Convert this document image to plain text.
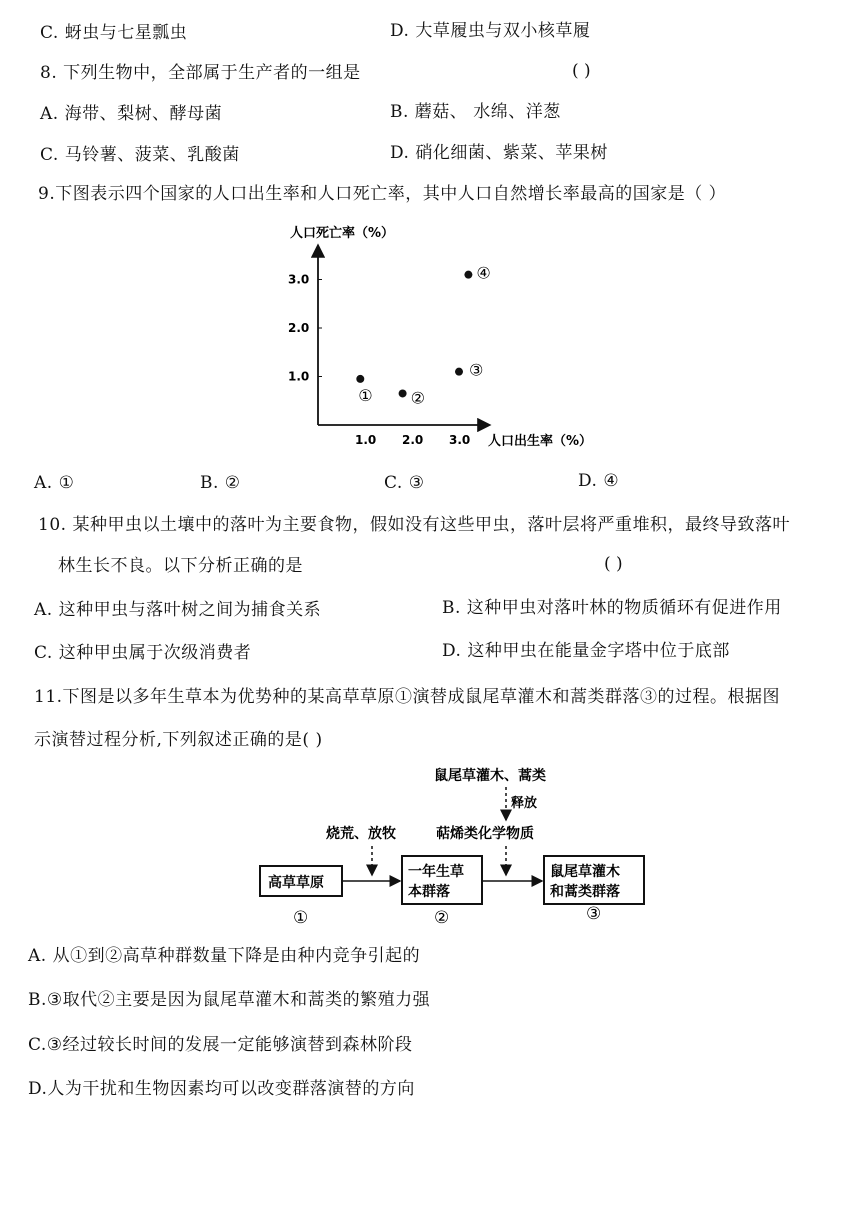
C. 蚜虫与七星瓢虫	D. 大草履虫与双小核草履
8. 下列生物中，全部属于生产者的一组是	( )
A. 海带、梨树、酵母菌	B. 蘑菇、 水绵、洋葱
C. 马铃薯、菠菜、乳酸菌	D. 硝化细菌、紫菜、苹果树
9.下图表示四个国家的人口出生率和人口死亡率，其中人口自然增长率最高的国家是（ ）
1.0 2.0 3.0
1.0
2.0
3.0
① ②
③
④
人口死亡率（%）
人口出生率（%）
A. ①	B. ②	C. ③	D. ④
10. 某种甲虫以土壤中的落叶为主要食物，假如没有这些甲虫，落叶层将严重堆积，最终导致落叶
林生长不良。以下分析正确的是	( )
A. 这种甲虫与落叶树之间为捕食关系	B. 这种甲虫对落叶林的物质循环有促进作用
C. 这种甲虫属于次级消费者	D. 这种甲虫在能量金字塔中位于底部
11.下图是以多年生草本为优势种的某高草草原①演替成鼠尾草灌木和蒿类群落③的过程。根据图
示演替过程分析,下列叙述正确的是( )
鼠尾草灌木、蒿类
释放
烧荒、放牧	萜烯类化学物质
高草草原
一年生草
本群落
鼠尾草灌木
和蒿类群落
①	②	③
A. 从①到②高草种群数量下降是由种内竞争引起的
B.③取代②主要是因为鼠尾草灌木和蒿类的繁殖力强
C.③经过较长时间的发展一定能够演替到森林阶段
D.人为干扰和生物因素均可以改变群落演替的方向
